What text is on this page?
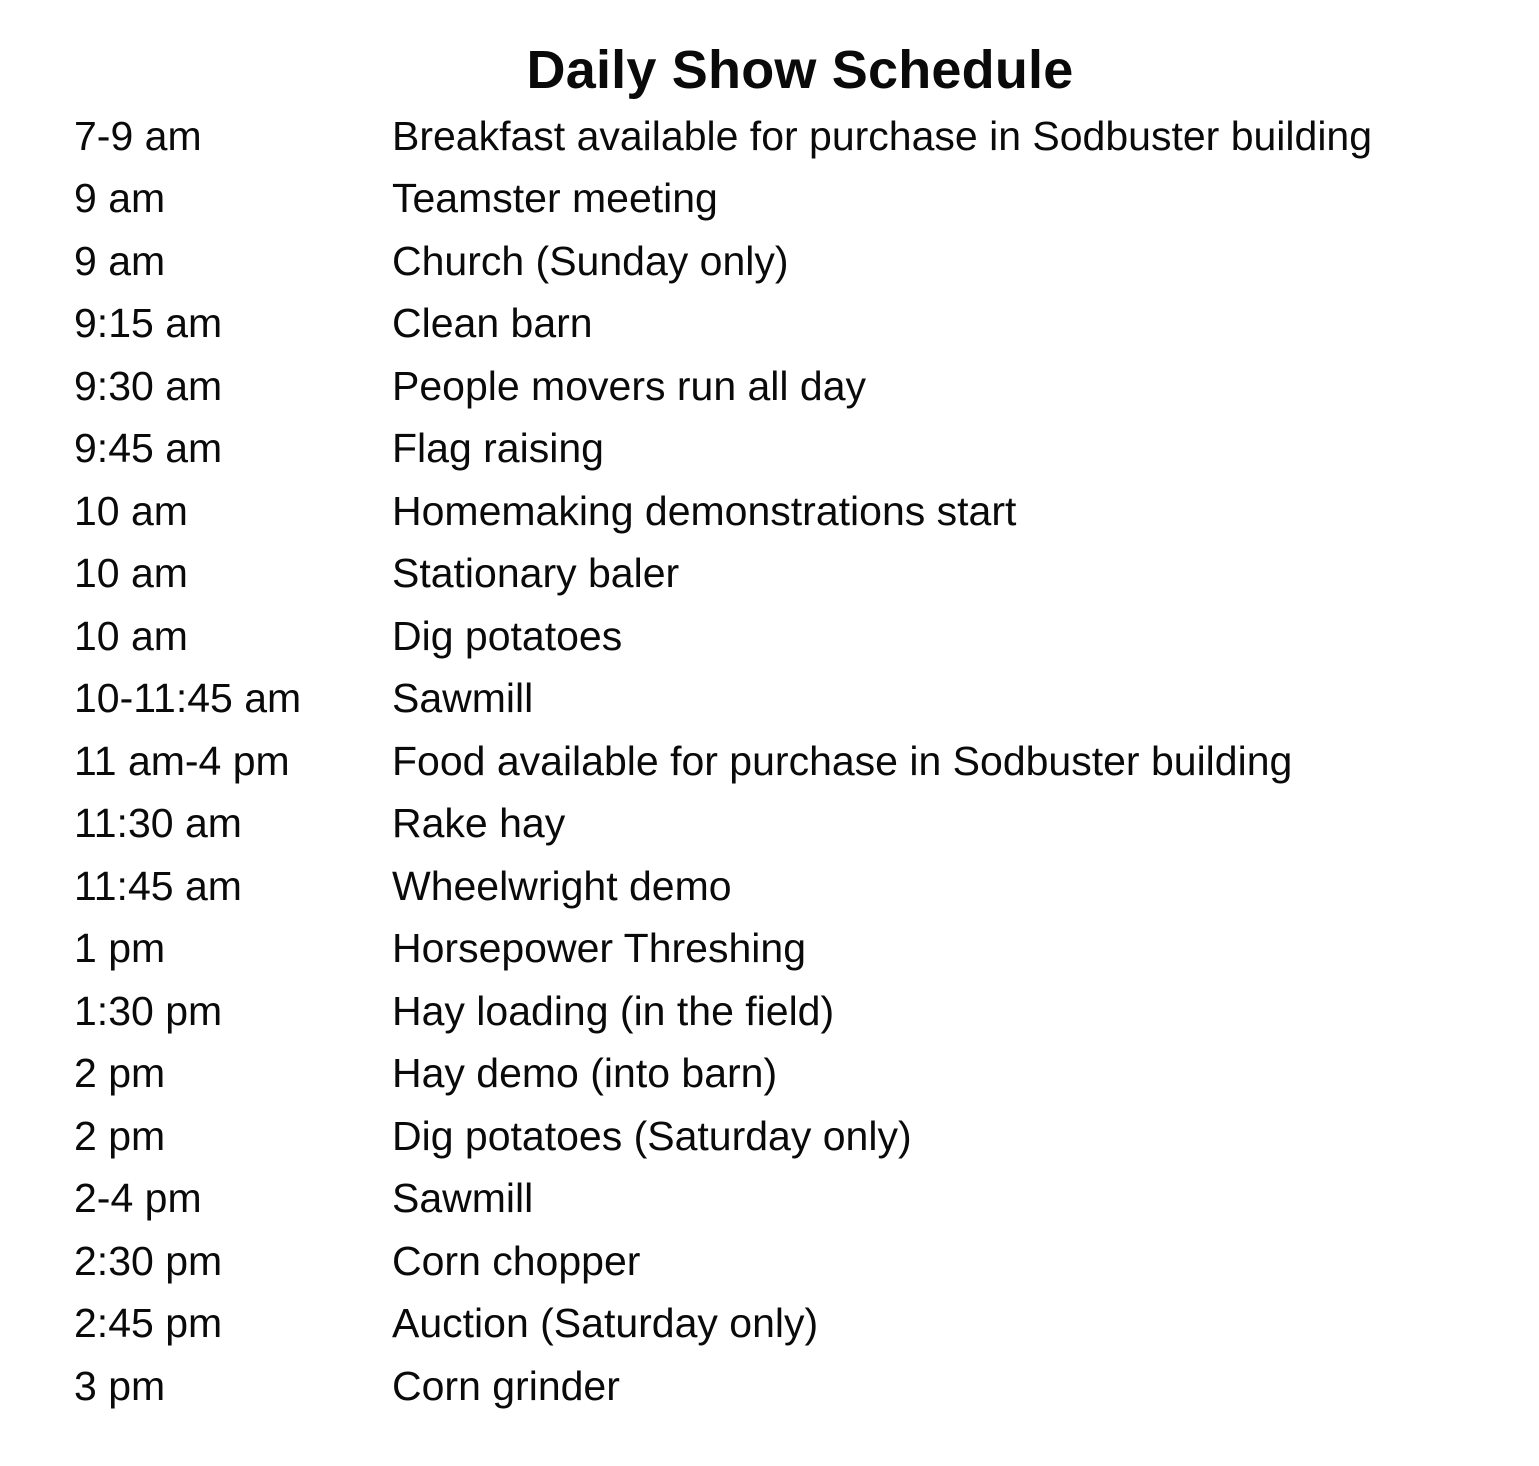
Daily Show Schedule
7-9 am	Breakfast available for purchase in Sodbuster building
9 am	Teamster meeting
9 am	Church (Sunday only)
9:15 am	Clean barn
9:30 am	People movers run all day
9:45 am	Flag raising
10 am	Homemaking demonstrations start
10 am	Stationary baler
10 am	Dig potatoes
10-11:45 am	Sawmill
11 am-4 pm	Food available for purchase in Sodbuster building
11:30 am	Rake hay
11:45 am	Wheelwright demo
1 pm	Horsepower Threshing
1:30 pm	Hay loading (in the field)
2 pm	Hay demo (into barn)
2 pm	Dig potatoes (Saturday only)
2-4 pm	Sawmill
2:30 pm	Corn chopper
2:45 pm	Auction (Saturday only)
3 pm	Corn grinder
